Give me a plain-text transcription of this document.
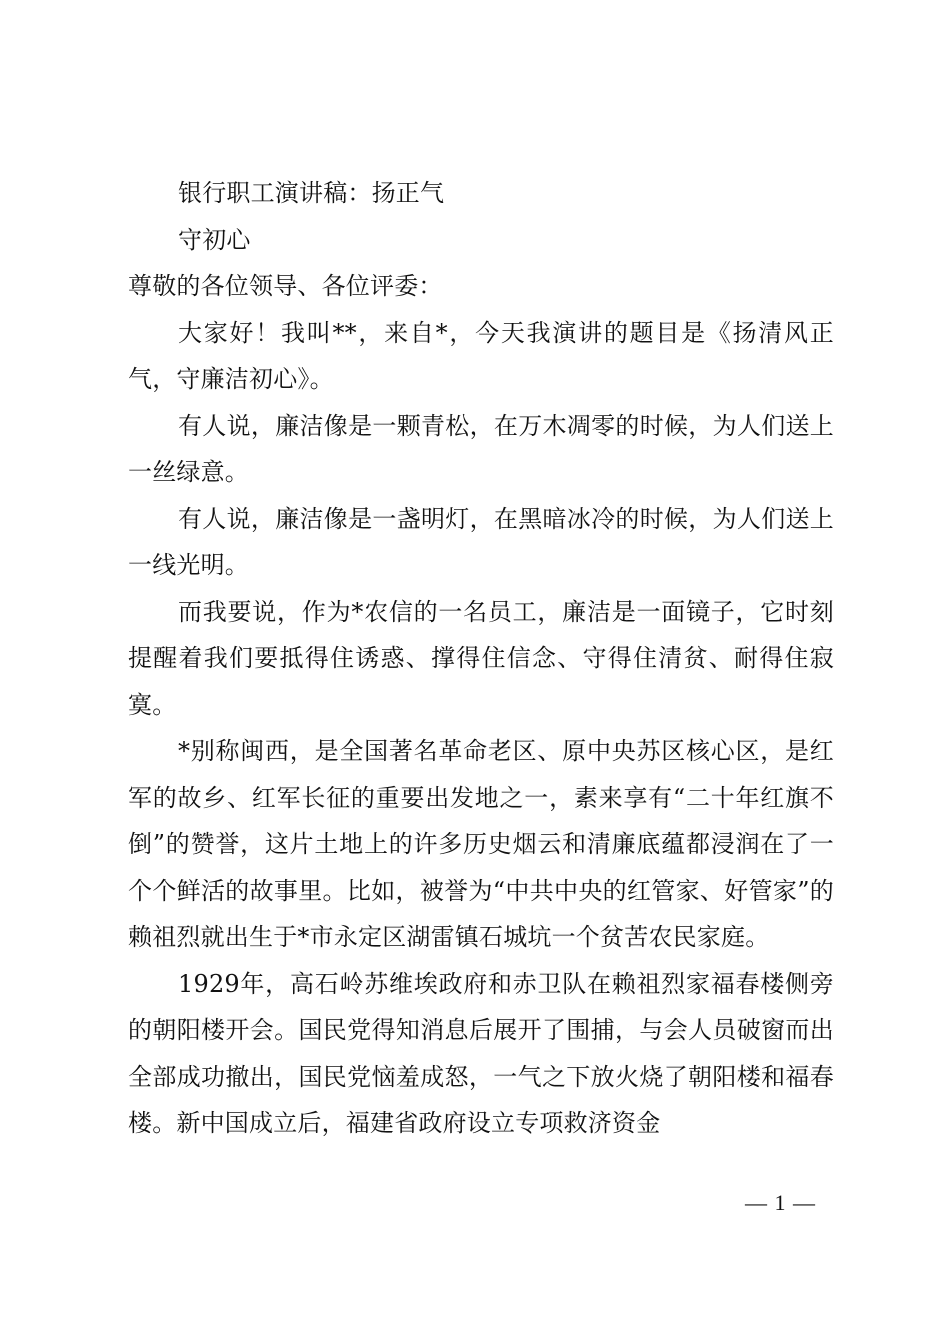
银行职工演讲稿：扬正气

守初心

尊敬的各位领导、各位评委：

大家好！我叫**，来自*，今天我演讲的题目是《扬清风正气，守廉洁初心》。

有人说，廉洁像是一颗青松，在万木凋零的时候，为人们送上一丝绿意。

有人说，廉洁像是一盏明灯，在黑暗冰冷的时候，为人们送上一线光明。

而我要说，作为*农信的一名员工，廉洁是一面镜子，它时刻提醒着我们要抵得住诱惑、撑得住信念、守得住清贫、耐得住寂寞。

*别称闽西，是全国著名革命老区、原中央苏区核心区，是红军的故乡、红军长征的重要出发地之一，素来享有“二十年红旗不倒”的赞誉，这片土地上的许多历史烟云和清廉底蕴都浸润在了一个个鲜活的故事里。比如，被誉为“中共中央的红管家、好管家”的赖祖烈就出生于*市永定区湖雷镇石城坑一个贫苦农民家庭。

1929年，高石岭苏维埃政府和赤卫队在赖祖烈家福春楼侧旁的朝阳楼开会。国民党得知消息后展开了围捕，与会人员破窗而出全部成功撤出，国民党恼羞成怒，一气之下放火烧了朝阳楼和福春楼。新中国成立后，福建省政府设立专项救济资金

— 1 —
